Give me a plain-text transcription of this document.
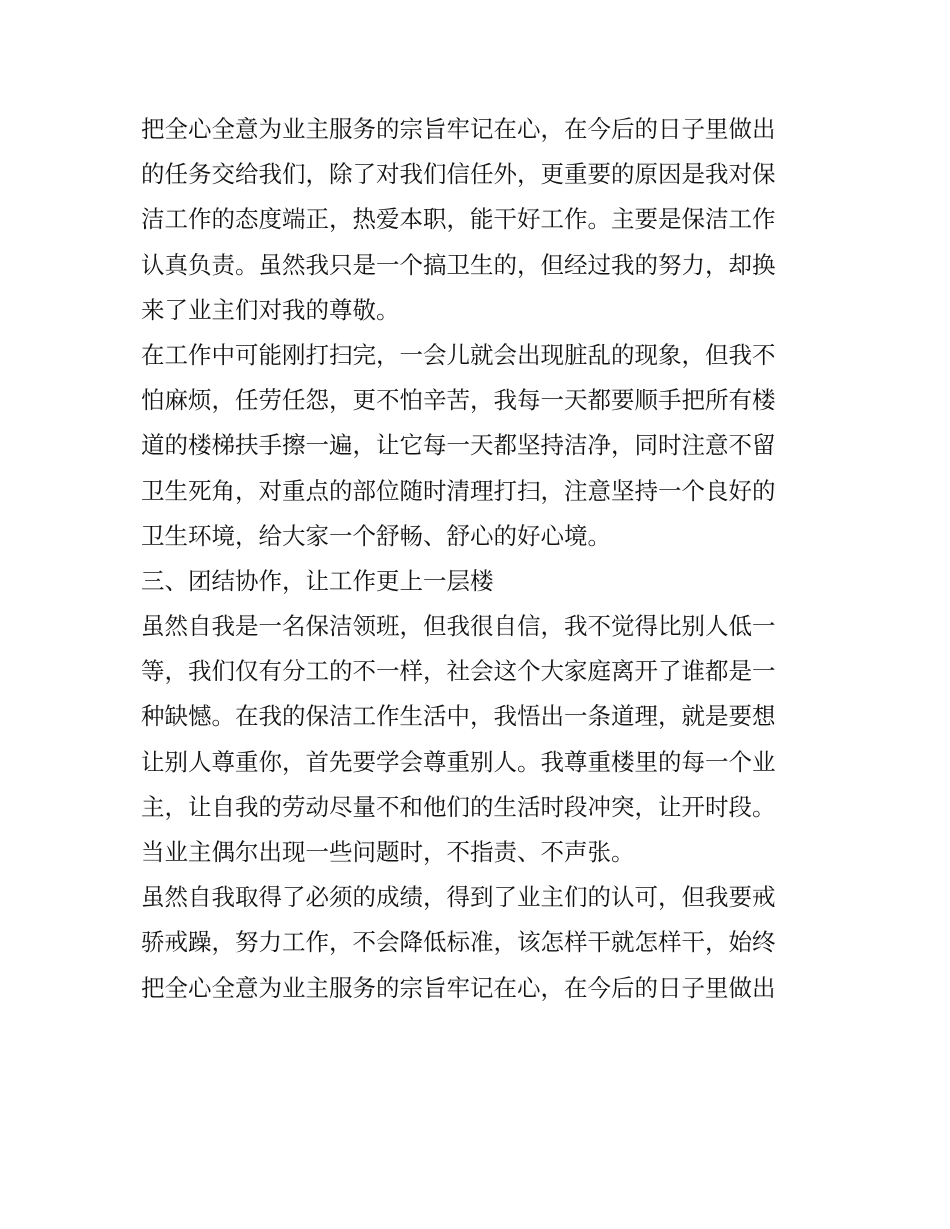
把全心全意为业主服务的宗旨牢记在心，在今后的日子里做出
的任务交给我们，除了对我们信任外，更重要的原因是我对保
洁工作的态度端正，热爱本职，能干好工作。主要是保洁工作
认真负责。虽然我只是一个搞卫生的，但经过我的努力，却换
来了业主们对我的尊敬。
在工作中可能刚打扫完，一会儿就会出现脏乱的现象，但我不
怕麻烦，任劳任怨，更不怕辛苦，我每一天都要顺手把所有楼
道的楼梯扶手擦一遍，让它每一天都坚持洁净，同时注意不留
卫生死角，对重点的部位随时清理打扫，注意坚持一个良好的
卫生环境，给大家一个舒畅、舒心的好心境。
三、团结协作，让工作更上一层楼
虽然自我是一名保洁领班，但我很自信，我不觉得比别人低一
等，我们仅有分工的不一样，社会这个大家庭离开了谁都是一
种缺憾。在我的保洁工作生活中，我悟出一条道理，就是要想
让别人尊重你，首先要学会尊重别人。我尊重楼里的每一个业
主，让自我的劳动尽量不和他们的生活时段冲突，让开时段。
当业主偶尔出现一些问题时，不指责、不声张。
虽然自我取得了必须的成绩，得到了业主们的认可，但我要戒
骄戒躁，努力工作，不会降低标准，该怎样干就怎样干，始终
把全心全意为业主服务的宗旨牢记在心，在今后的日子里做出
